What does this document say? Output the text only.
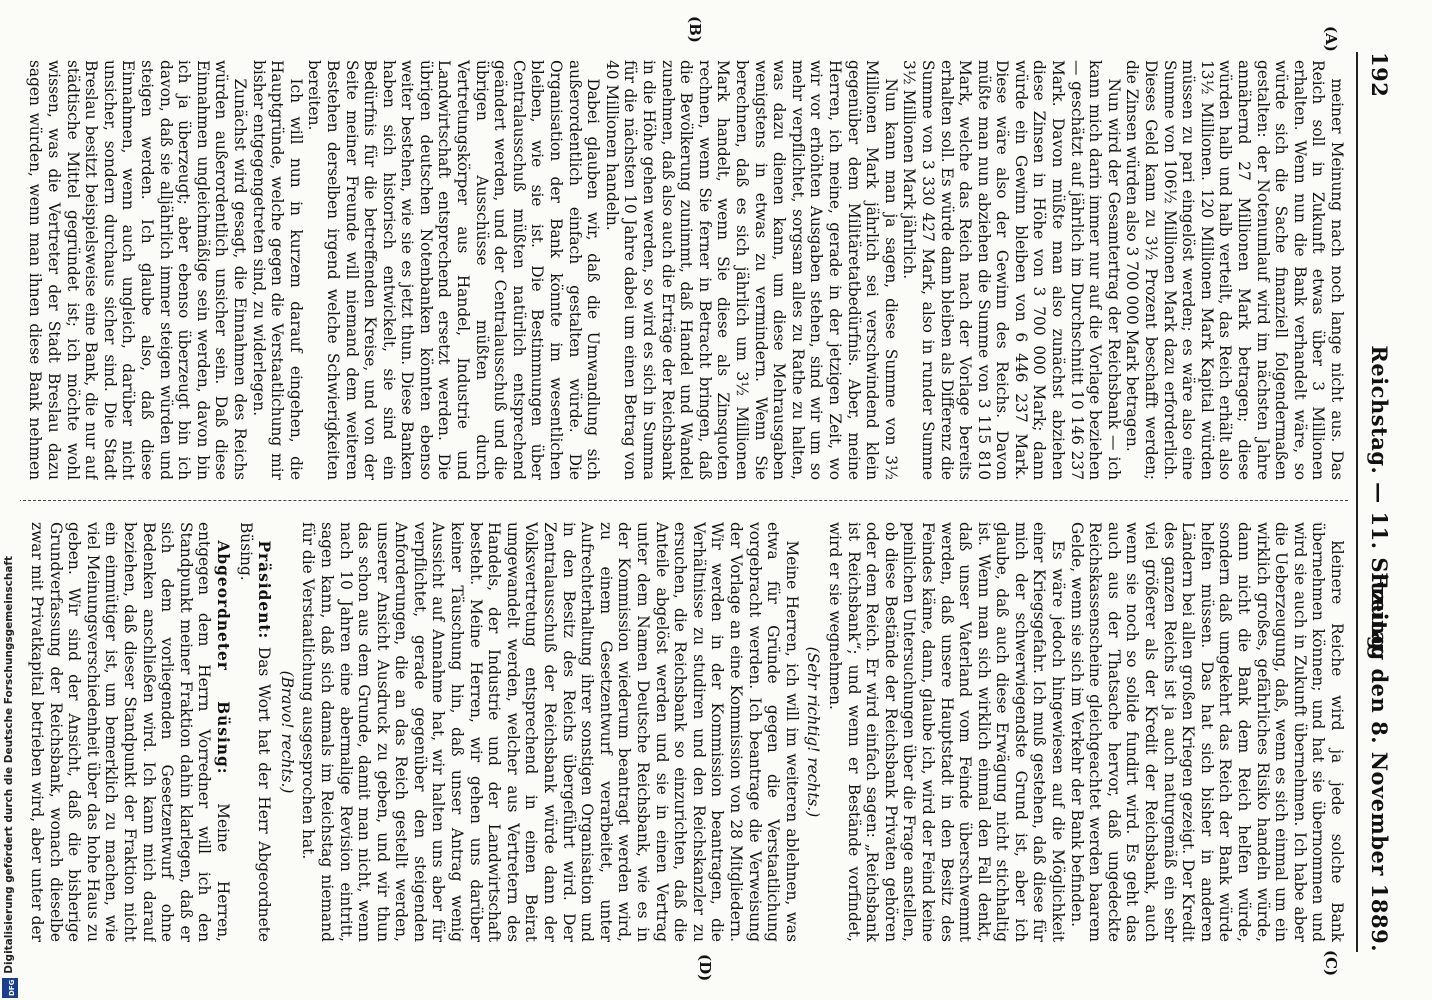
192
Reichstag. — 11. Sitzung.
Freitag den 8. November 1889.
(A)
(B)
(C)
(D)

meiner Meinung nach noch lange nicht aus. Das Reich soll in Zukunft etwas über 3 Millionen erhalten. Wenn nun die Bank verhandelt wäre, so würde sich die Sache finanziell folgendermaßen gestalten: der Notenumlauf wird im nächsten Jahre annähernd 27 Millionen Mark betragen; diese würden halb und halb verteilt, das Reich erhält also 13½ Millionen. 120 Millionen Mark Kapital würden müssen zu pari eingelöst werden; es wäre also eine Summe von 106½ Millionen Mark dazu erforderlich. Dieses Geld kann zu 3½ Prozent beschafft werden; die Zinsen würden also 3 700 000 Mark betragen.

Nun wird der Gesamtertrag der Reichsbank — ich kann mich darin immer nur auf die Vorlage beziehen — geschätzt auf jährlich im Durchschnitt 10 146 237 Mark. Davon müßte man also zunächst abziehen diese Zinsen in Höhe von 3 700 000 Mark; dann würde ein Gewinn bleiben von 6 446 237 Mark. Diese wäre also der Gewinn des Reichs. Davon müßte man nun abziehen die Summe von 3 115 810 Mark, welche das Reich nach der Vorlage bereits erhalten soll. Es würde dann bleiben als Differenz die Summe von 3 330 427 Mark, also in runder Summe 3½ Millionen Mark jährlich.

Nun kann man ja sagen, diese Summe von 3½ Millionen Mark jährlich sei verschwindend klein gegenüber dem Militäretatbedürfnis. Aber, meine Herren, ich meine, gerade in der jetzigen Zeit, wo wir vor erhöhten Ausgaben stehen, sind wir um so mehr verpflichtet, sorgsam alles zu Rathe zu halten, was dazu dienen kann, um diese Mehrausgaben wenigstens in etwas zu vermindern. Wenn Sie berechnen, daß es sich jährlich um 3½ Millionen Mark handelt, wenn Sie diese als Zinsquoten rechnen, wenn Sie ferner in Betracht bringen, daß die Bevölkerung zunimmt, daß Handel und Wandel zunehmen, daß also auch die Erträge der Reichsbank in die Höhe gehen werden, so wird es sich in Summa für die nächsten 10 Jahre dabei um einen Betrag von 40 Millionen handeln.

Dabei glauben wir, daß die Umwandlung sich außerordentlich einfach gestalten würde. Die Organisation der Bank könnte im wesentlichen bleiben, wie sie ist. Die Bestimmungen über Centralausschuß müßten natürlich entsprechend geändert werden, und der Centralausschuß und die übrigen Ausschüsse müßten durch Vertretungskörper aus Handel, Industrie und Landwirtschaft entsprechend ersetzt werden. Die übrigen deutschen Notenbanken könnten ebenso weiter bestehen, wie sie es jetzt thun. Diese Banken haben sich historisch entwickelt, sie sind ein Bedürfnis für die betreffenden Kreise, und von der Seite meiner Freunde will niemand dem weiteren Bestehen derselben irgend welche Schwierigkeiten bereiten.

Ich will nun in kurzem darauf eingehen, die Hauptgründe, welche gegen die Verstaatlichung mir bisher entgegengetreten sind, zu widerlegen.

Zunächst wird gesagt, die Einnahmen des Reichs würden außerordentlich unsicher sein. Daß diese Einnahmen ungleichmäßige sein werden, davon bin ich ja überzeugt; aber ebenso überzeugt bin ich davon, daß sie alljährlich immer steigen würden und steigen werden. Ich glaube also, daß diese Einnahmen, wenn auch ungleich, darüber nicht unsicher, sondern durchaus sicher sind. Die Stadt Breslau besitzt beispielsweise eine Bank, die nur auf städtische Mittel gegründet ist; ich möchte wohl wissen, was die Vertreter der Stadt Breslau dazu sagen würden, wenn man ihnen diese Bank nehmen

kleinere Reiche wird ja jede solche Bank übernehmen können; und hat sie übernommen und wird sie auch in Zukunft übernehmen. Ich habe aber die Ueberzeugung, daß, wenn es sich einmal um ein wirklich großes, gefährliches Risiko handeln würde, dann nicht die Bank dem Reich helfen würde, sondern daß umgekehrt das Reich der Bank würde helfen müssen. Das hat sich bisher in anderen Ländern bei allen großen Kriegen gezeigt. Der Kredit des ganzen Reichs ist ja auch naturgemäß ein sehr viel größerer als der Kredit der Reichsbank, auch wenn sie noch so solide fundirt wird. Es geht das auch aus der Thatsache hervor, daß ungedeckte Reichskassenscheine gleichgeachtet werden baarem Gelde, wenn sie sich im Verkehr der Bank befinden.

Es wäre jedoch hingewiesen auf die Möglichkeit einer Kriegsgefahr. Ich muß gestehen, daß diese für mich der schwerwiegendste Grund ist, aber ich glaube, daß auch diese Erwägung nicht stichhaltig ist. Wenn man sich wirklich einmal den Fall denkt, daß unser Vaterland vom Feinde überschwemmt werden, daß unsere Hauptstadt in den Besitz des Feindes käme, dann, glaube ich, wird der Feind keine peinlichen Untersuchungen über die Frage anstellen, ob diese Bestände der Reichsbank Privaten gehören oder dem Reich. Er wird einfach sagen: „Reichsbank ist Reichsbank“; und wenn er Bestände vorfindet, wird er sie wegnehmen.

(Sehr richtig! rechts.)

Meine Herren, ich will im weiteren ablehnen, was etwa für Gründe gegen die Verstaatlichung vorgebracht werden. Ich beantrage die Verweisung der Vorlage an eine Kommission von 28 Mitgliedern. Wir werden in der Kommission beantragen, die Verhältnisse zu studiren und den Reichskanzler zu ersuchen, die Reichsbank so einzurichten, daß die Anteile abgelöst werden und sie in einen Vertrag unter dem Namen Deutsche Reichsbank, wie es in der Kommission wiederum beantragt werden wird, zu einem Gesetzentwurf verarbeitet, unter Aufrechterhaltung ihrer sonstigen Organisation und in den Besitz des Reichs übergeführt wird. Der Zentralausschuß der Reichsbank würde dann der Volksvertretung entsprechend in einen Beirat umgewandelt werden, welcher aus Vertretern des Handels, der Industrie und der Landwirtschaft besteht. Meine Herren, wir gehen uns darüber keiner Täuschung hin, daß unser Antrag wenig Aussicht auf Annahme hat, wir halten uns aber für verpflichtet, gerade gegenüber den steigenden Anforderungen, die an das Reich gestellt werden, unserer Ansicht Ausdruck zu geben, und wir thun das schon aus dem Grunde, damit man nicht, wenn nach 10 Jahren eine abermalige Revision eintritt, sagen kann, daß sich damals im Reichstag niemand für die Verstaatlichung ausgesprochen hat.

(Bravo! rechts.)

Präsident: Das Wort hat der Herr Abgeordnete Büsing.

Abgeordneter Büsing: Meine Herren, entgegen dem Herrn Vorredner will ich den Standpunkt meiner Fraktion dahin klarlegen, daß er sich dem vorliegenden Gesetzentwurf ohne Bedenken anschließen wird. Ich kann mich darauf beziehen, daß dieser Standpunkt der Fraktion nicht ein einmütiger ist, um bemerklich zu machen, wie viel Meinungsverschiedenheit über das hohe Haus zu geben. Wir sind der Ansicht, daß die bisherige Grundverfassung der Reichsbank, wonach dieselbe zwar mit Privatkapital betrieben wird, aber unter der

Digitalisierung gefördert durch die Deutsche Forschungsgemeinschaft
DFG
